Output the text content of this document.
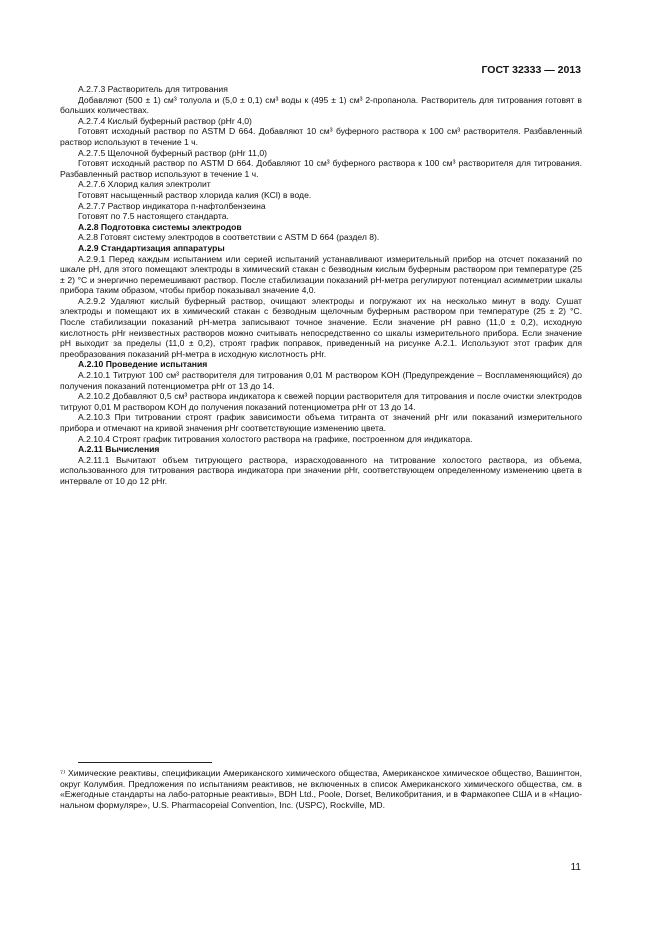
ГОСТ 32333 — 2013

А.2.7.3 Растворитель для титрования

Добавляют (500 ± 1) см³ толуола и (5,0 ± 0,1) см³ воды к (495 ± 1) см³ 2-пропанола. Растворитель для титрования готовят в больших количествах.

А.2.7.4 Кислый буферный раствор (рНr 4,0)

Готовят исходный раствор по ASTM D 664. Добавляют 10 см³ буферного раствора к 100 см³ растворителя. Разбавленный раствор используют в течение 1 ч.

А.2.7.5 Щелочной буферный раствор (рНr 11,0)

Готовят исходный раствор по ASTM D 664. Добавляют 10 см³ буферного раствора к 100 см³ растворителя для титрования. Разбавленный раствор используют в течение 1 ч.

А.2.7.6 Хлорид калия электролит

Готовят насыщенный раствор хлорида калия (KCl) в воде.

А.2.7.7 Раствор индикатора п-нафтолбензеина

Готовят по 7.5 настоящего стандарта.

А.2.8 Подготовка системы электродов

А.2.8 Готовят систему электродов в соответствии с ASTM D 664 (раздел 8).

А.2.9 Стандартизация аппаратуры

А.2.9.1 Перед каждым испытанием или серией испытаний устанавливают измерительный прибор на отсчет показаний по шкале рН, для этого помещают электроды в химический стакан с безводным кислым буферным раствором при температуре (25 ± 2) °С и энергично перемешивают раствор. После стабилизации показаний рН-метра регулируют потенциал асимметрии шкалы прибора таким образом, чтобы прибор показывал значение 4,0.

А.2.9.2 Удаляют кислый буферный раствор, очищают электроды и погружают их на несколько минут в воду. Сушат электроды и помещают их в химический стакан с безводным щелочным буферным раствором при температуре (25 ± 2) °С. После стабилизации показаний рН-метра записывают точное значение. Если значение рН равно (11,0 ± 0,2), исходную кислотность рНr неизвестных растворов можно считывать непосредственно со шкалы измерительного прибора. Если значение рН выходит за пределы (11,0 ± 0,2), строят график поправок, приведенный на рисунке А.2.1. Используют этот график для преобразования показаний рН-метра в исходную кислотность рНr.

А.2.10 Проведение испытания

А.2.10.1 Титруют 100 см³ растворителя для титрования 0,01 М раствором KOH (Предупреждение – Воспламеняющийся) до получения показаний потенциометра рНr от 13 до 14.

А.2.10.2 Добавляют 0,5 см³ раствора индикатора к свежей порции растворителя для титрования и после очистки электродов титруют 0,01 М раствором KOH до получения показаний потенциометра рНr от 13 до 14.

А.2.10.3 При титровании строят график зависимости объема титранта от значений рНr или показаний измерительного прибора и отмечают на кривой значения рНr соответствующие изменению цвета.

А.2.10.4 Строят график титрования холостого раствора на графике, построенном для индикатора.

А.2.11 Вычисления

А.2.11.1 Вычитают объем титрующего раствора, израсходованного на титрование холостого раствора, из объема, использованного для титрования раствора индикатора при значении рНr, соответствующем определенному изменению цвета в интервале от 10 до 12 рНr.

⁷⁾ Химические реактивы, спецификации Американского химического общества, Американское химическое общество, Вашингтон, округ Колумбия. Предложения по испытаниям реактивов, не включенных в список Американского химического общества, см. в «Ежегодные стандарты на лабо-раторные реактивы», BDH Ltd., Poole, Dorset, Великобритания, и в Фармакопее США и в «Нацио-нальном формуляре», U.S. Pharmacopeial Convention, Inc. (USPC), Rockville, MD.
11
